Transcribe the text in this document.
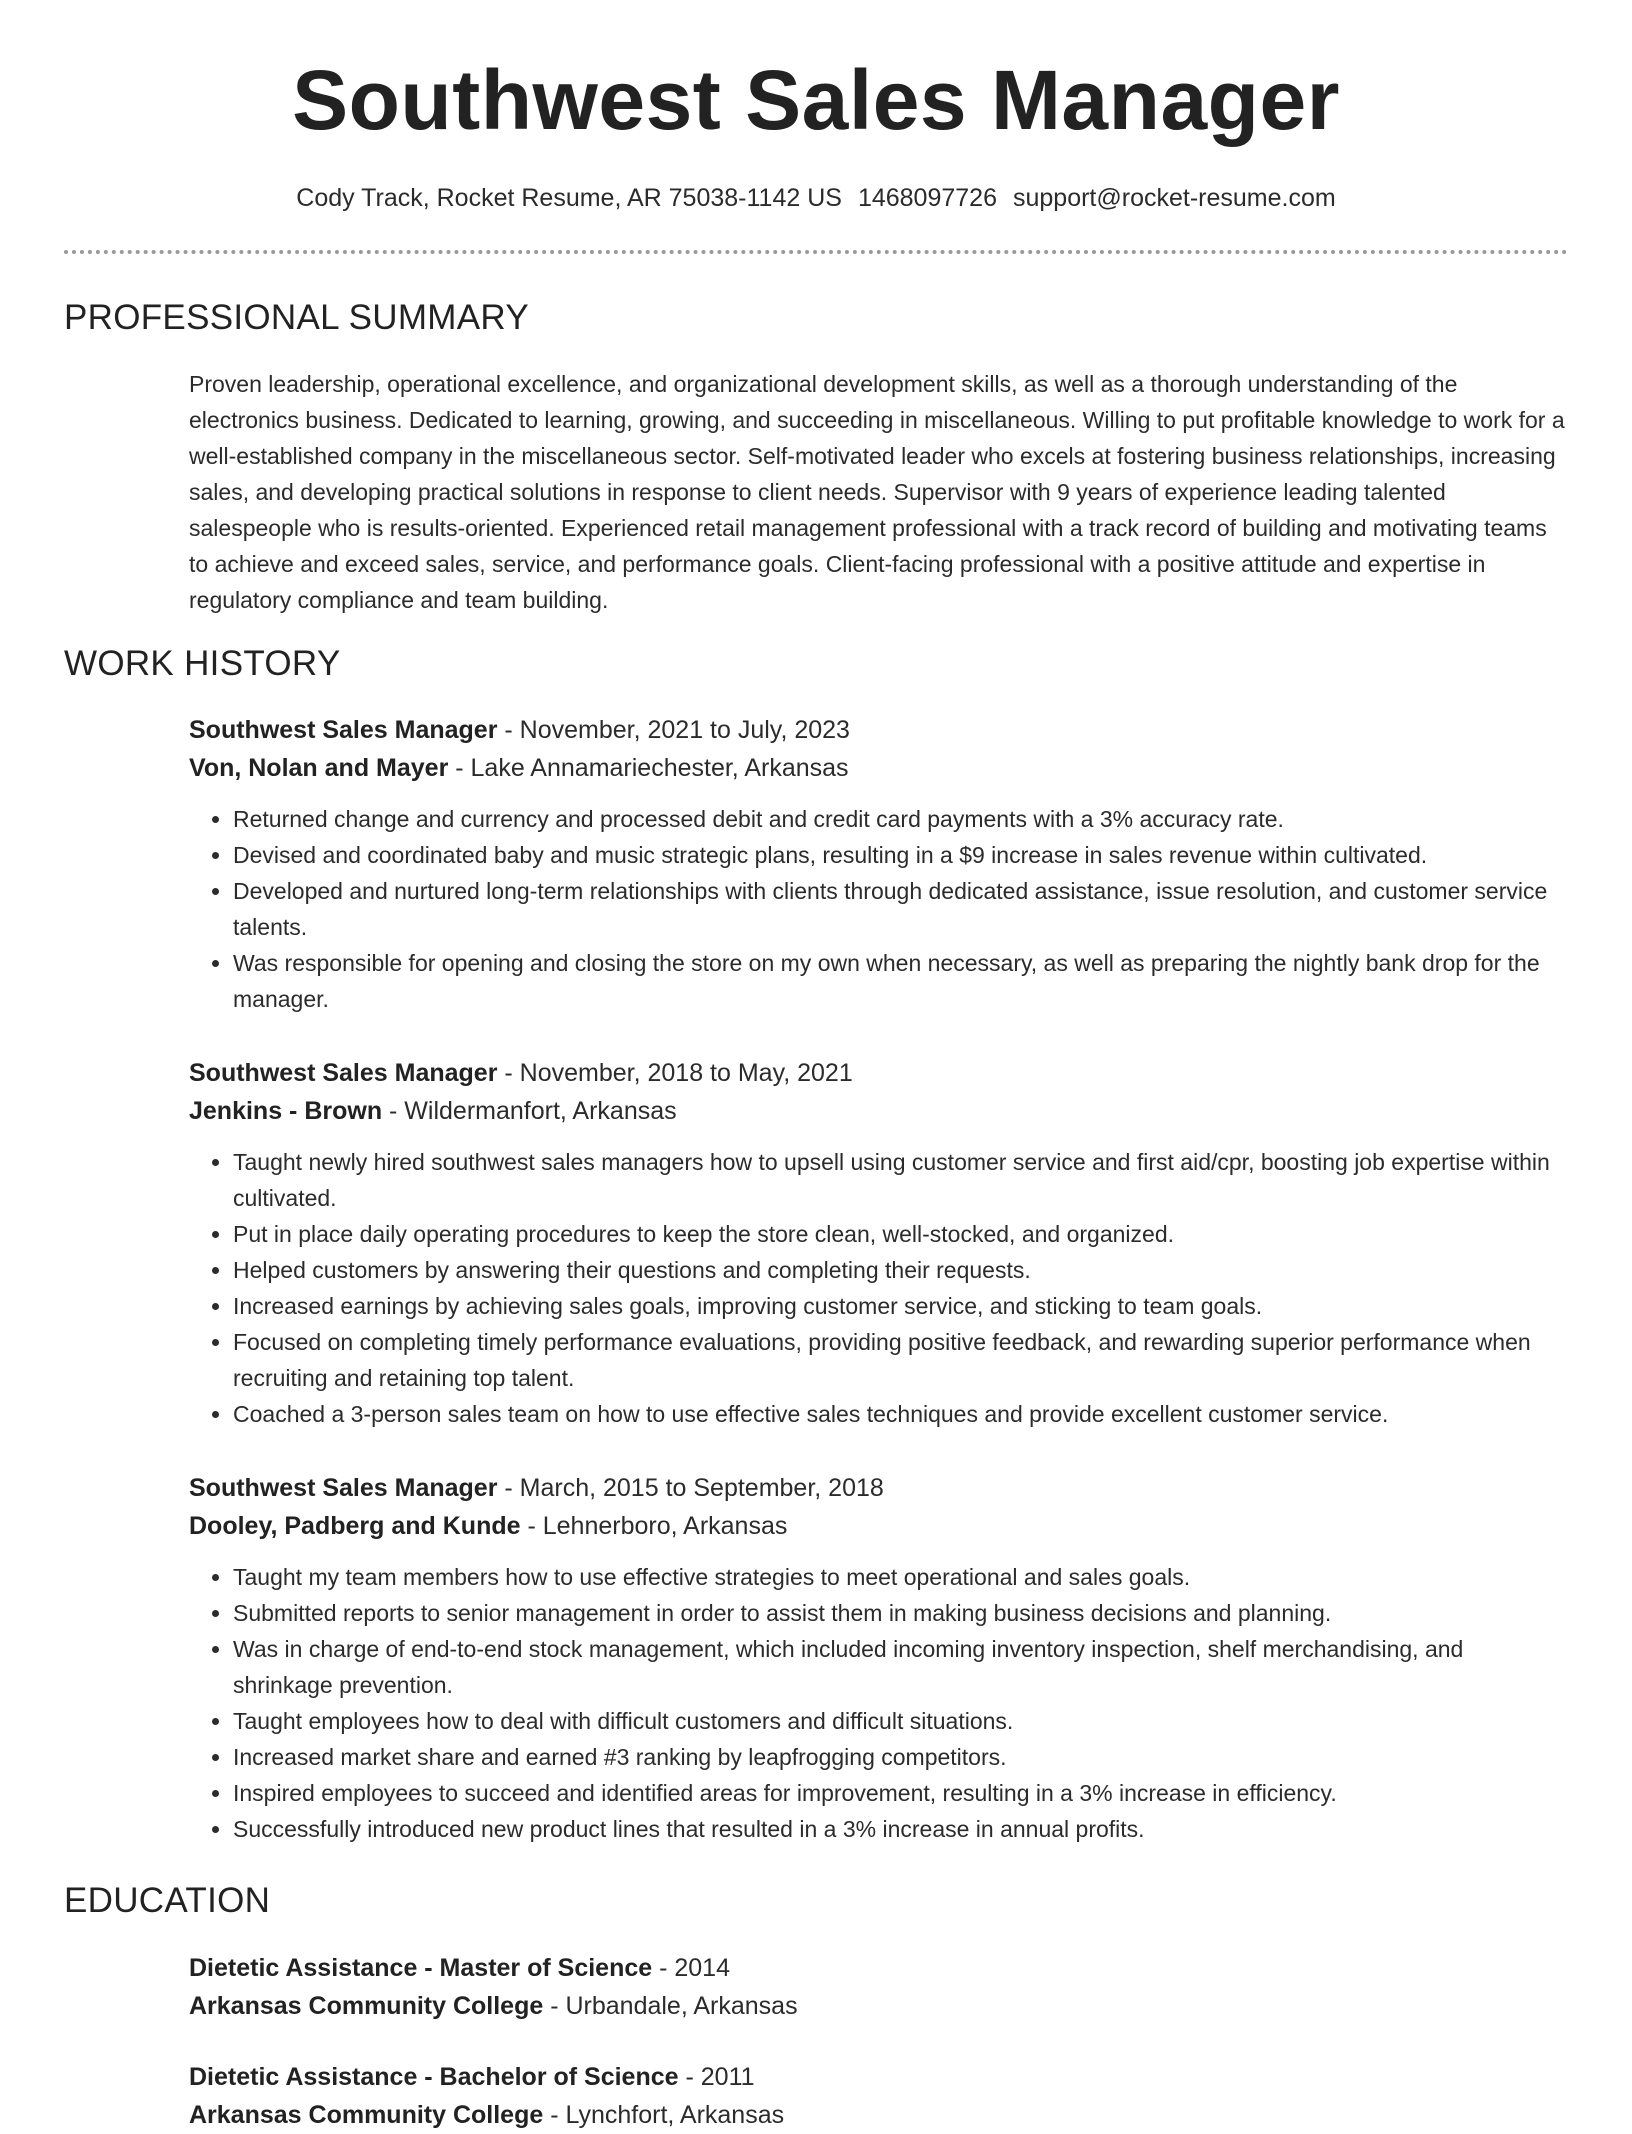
Southwest Sales Manager
Cody Track, Rocket Resume, AR 75038-1142 US 1468097726 support@rocket-resume.com
PROFESSIONAL SUMMARY

Proven leadership, operational excellence, and organizational development skills, as well as a thorough understanding of the electronics business. Dedicated to learning, growing, and succeeding in miscellaneous. Willing to put profitable knowledge to work for a well-established company in the miscellaneous sector. Self-motivated leader who excels at fostering business relationships, increasing sales, and developing practical solutions in response to client needs. Supervisor with 9 years of experience leading talented salespeople who is results-oriented. Experienced retail management professional with a track record of building and motivating teams to achieve and exceed sales, service, and performance goals. Client-facing professional with a positive attitude and expertise in regulatory compliance and team building.

WORK HISTORY
Southwest Sales Manager - November, 2021 to July, 2023
Von, Nolan and Mayer - Lake Annamariechester, Arkansas
• Returned change and currency and processed debit and credit card payments with a 3% accuracy rate.
• Devised and coordinated baby and music strategic plans, resulting in a $9 increase in sales revenue within cultivated.
• Developed and nurtured long-term relationships with clients through dedicated assistance, issue resolution, and customer service talents.
• Was responsible for opening and closing the store on my own when necessary, as well as preparing the nightly bank drop for the manager.
Southwest Sales Manager - November, 2018 to May, 2021
Jenkins - Brown - Wildermanfort, Arkansas
• Taught newly hired southwest sales managers how to upsell using customer service and first aid/cpr, boosting job expertise within cultivated.
• Put in place daily operating procedures to keep the store clean, well-stocked, and organized.
• Helped customers by answering their questions and completing their requests.
• Increased earnings by achieving sales goals, improving customer service, and sticking to team goals.
• Focused on completing timely performance evaluations, providing positive feedback, and rewarding superior performance when recruiting and retaining top talent.
• Coached a 3-person sales team on how to use effective sales techniques and provide excellent customer service.
Southwest Sales Manager - March, 2015 to September, 2018
Dooley, Padberg and Kunde - Lehnerboro, Arkansas
• Taught my team members how to use effective strategies to meet operational and sales goals.
• Submitted reports to senior management in order to assist them in making business decisions and planning.
• Was in charge of end-to-end stock management, which included incoming inventory inspection, shelf merchandising, and shrinkage prevention.
• Taught employees how to deal with difficult customers and difficult situations.
• Increased market share and earned #3 ranking by leapfrogging competitors.
• Inspired employees to succeed and identified areas for improvement, resulting in a 3% increase in efficiency.
• Successfully introduced new product lines that resulted in a 3% increase in annual profits.
EDUCATION
Dietetic Assistance - Master of Science - 2014
Arkansas Community College - Urbandale, Arkansas
Dietetic Assistance - Bachelor of Science - 2011
Arkansas Community College - Lynchfort, Arkansas
